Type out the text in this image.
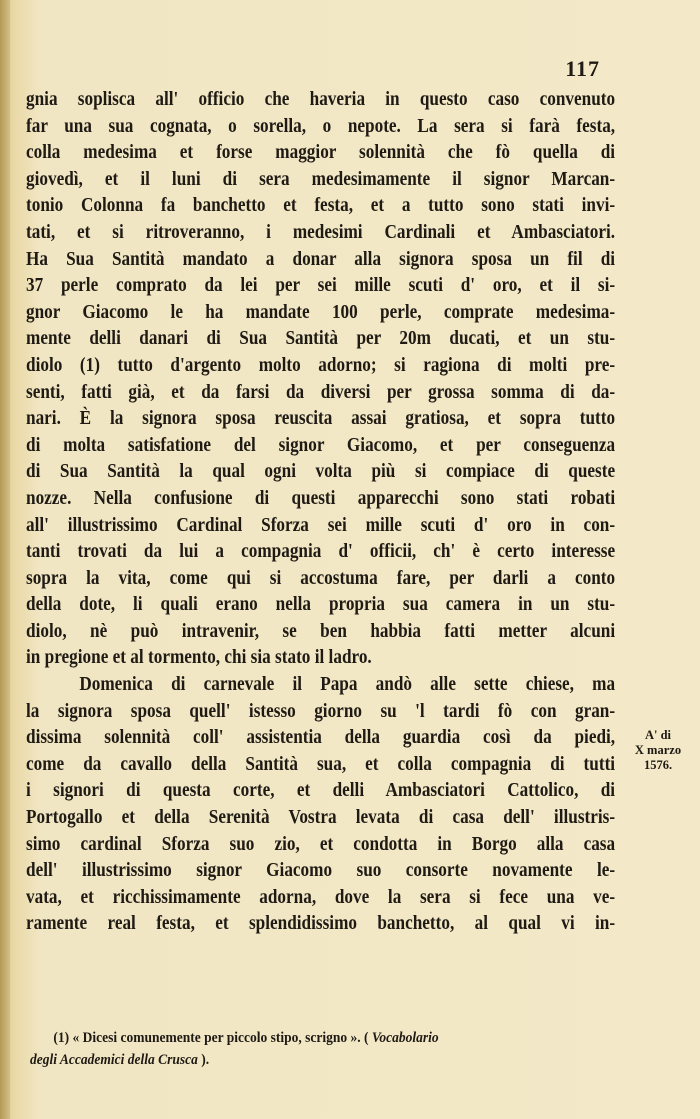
117
gnia soplisca all' officio che haveria in questo caso convenuto
far una sua cognata, o sorella, o nepote. La sera si farà festa,
colla medesima et forse maggior solennità che fò quella di
giovedì, et il luni di sera medesimamente il signor Marcan-
tonio Colonna fa banchetto et festa, et a tutto sono stati invi-
tati, et si ritroveranno, i medesimi Cardinali et Ambasciatori.
Ha Sua Santità mandato a donar alla signora sposa un fil di
37 perle comprato da lei per sei mille scuti d' oro, et il si-
gnor Giacomo le ha mandate 100 perle, comprate medesima-
mente delli danari di Sua Santità per 20m ducati, et un stu-
diolo (1) tutto d'argento molto adorno; si ragiona di molti pre-
senti, fatti già, et da farsi da diversi per grossa somma di da-
nari. È la signora sposa reuscita assai gratiosa, et sopra tutto
di molta satisfatione del signor Giacomo, et per conseguenza
di Sua Santità la qual ogni volta più si compiace di queste
nozze. Nella confusione di questi apparecchi sono stati robati
all' illustrissimo Cardinal Sforza sei mille scuti d' oro in con-
tanti trovati da lui a compagnia d' officii, ch' è certo interesse
sopra la vita, come qui si accostuma fare, per darli a conto
della dote, li quali erano nella propria sua camera in un stu-
diolo, nè può intravenir, se ben habbia fatti metter alcuni
in pregione et al tormento, chi sia stato il ladro.
Domenica di carnevale il Papa andò alle sette chiese, ma
la signora sposa quell' istesso giorno su 'l tardi fò con gran-
dissima solennità coll' assistentia della guardia così da piedi,
come da cavallo della Santità sua, et colla compagnia di tutti
i signori di questa corte, et delli Ambasciatori Cattolico, di
Portogallo et della Serenità Vostra levata di casa dell' illustris-
simo cardinal Sforza suo zio, et condotta in Borgo alla casa
dell' illustrissimo signor Giacomo suo consorte novamente le-
vata, et ricchissimamente adorna, dove la sera si fece una ve-
ramente real festa, et splendidissimo banchetto, al qual vi in-
A' di
X marzo
1576.
(1) « Dicesi comunemente per piccolo stipo, scrigno ». ( Vocabolario
degli Accademici della Crusca ).
